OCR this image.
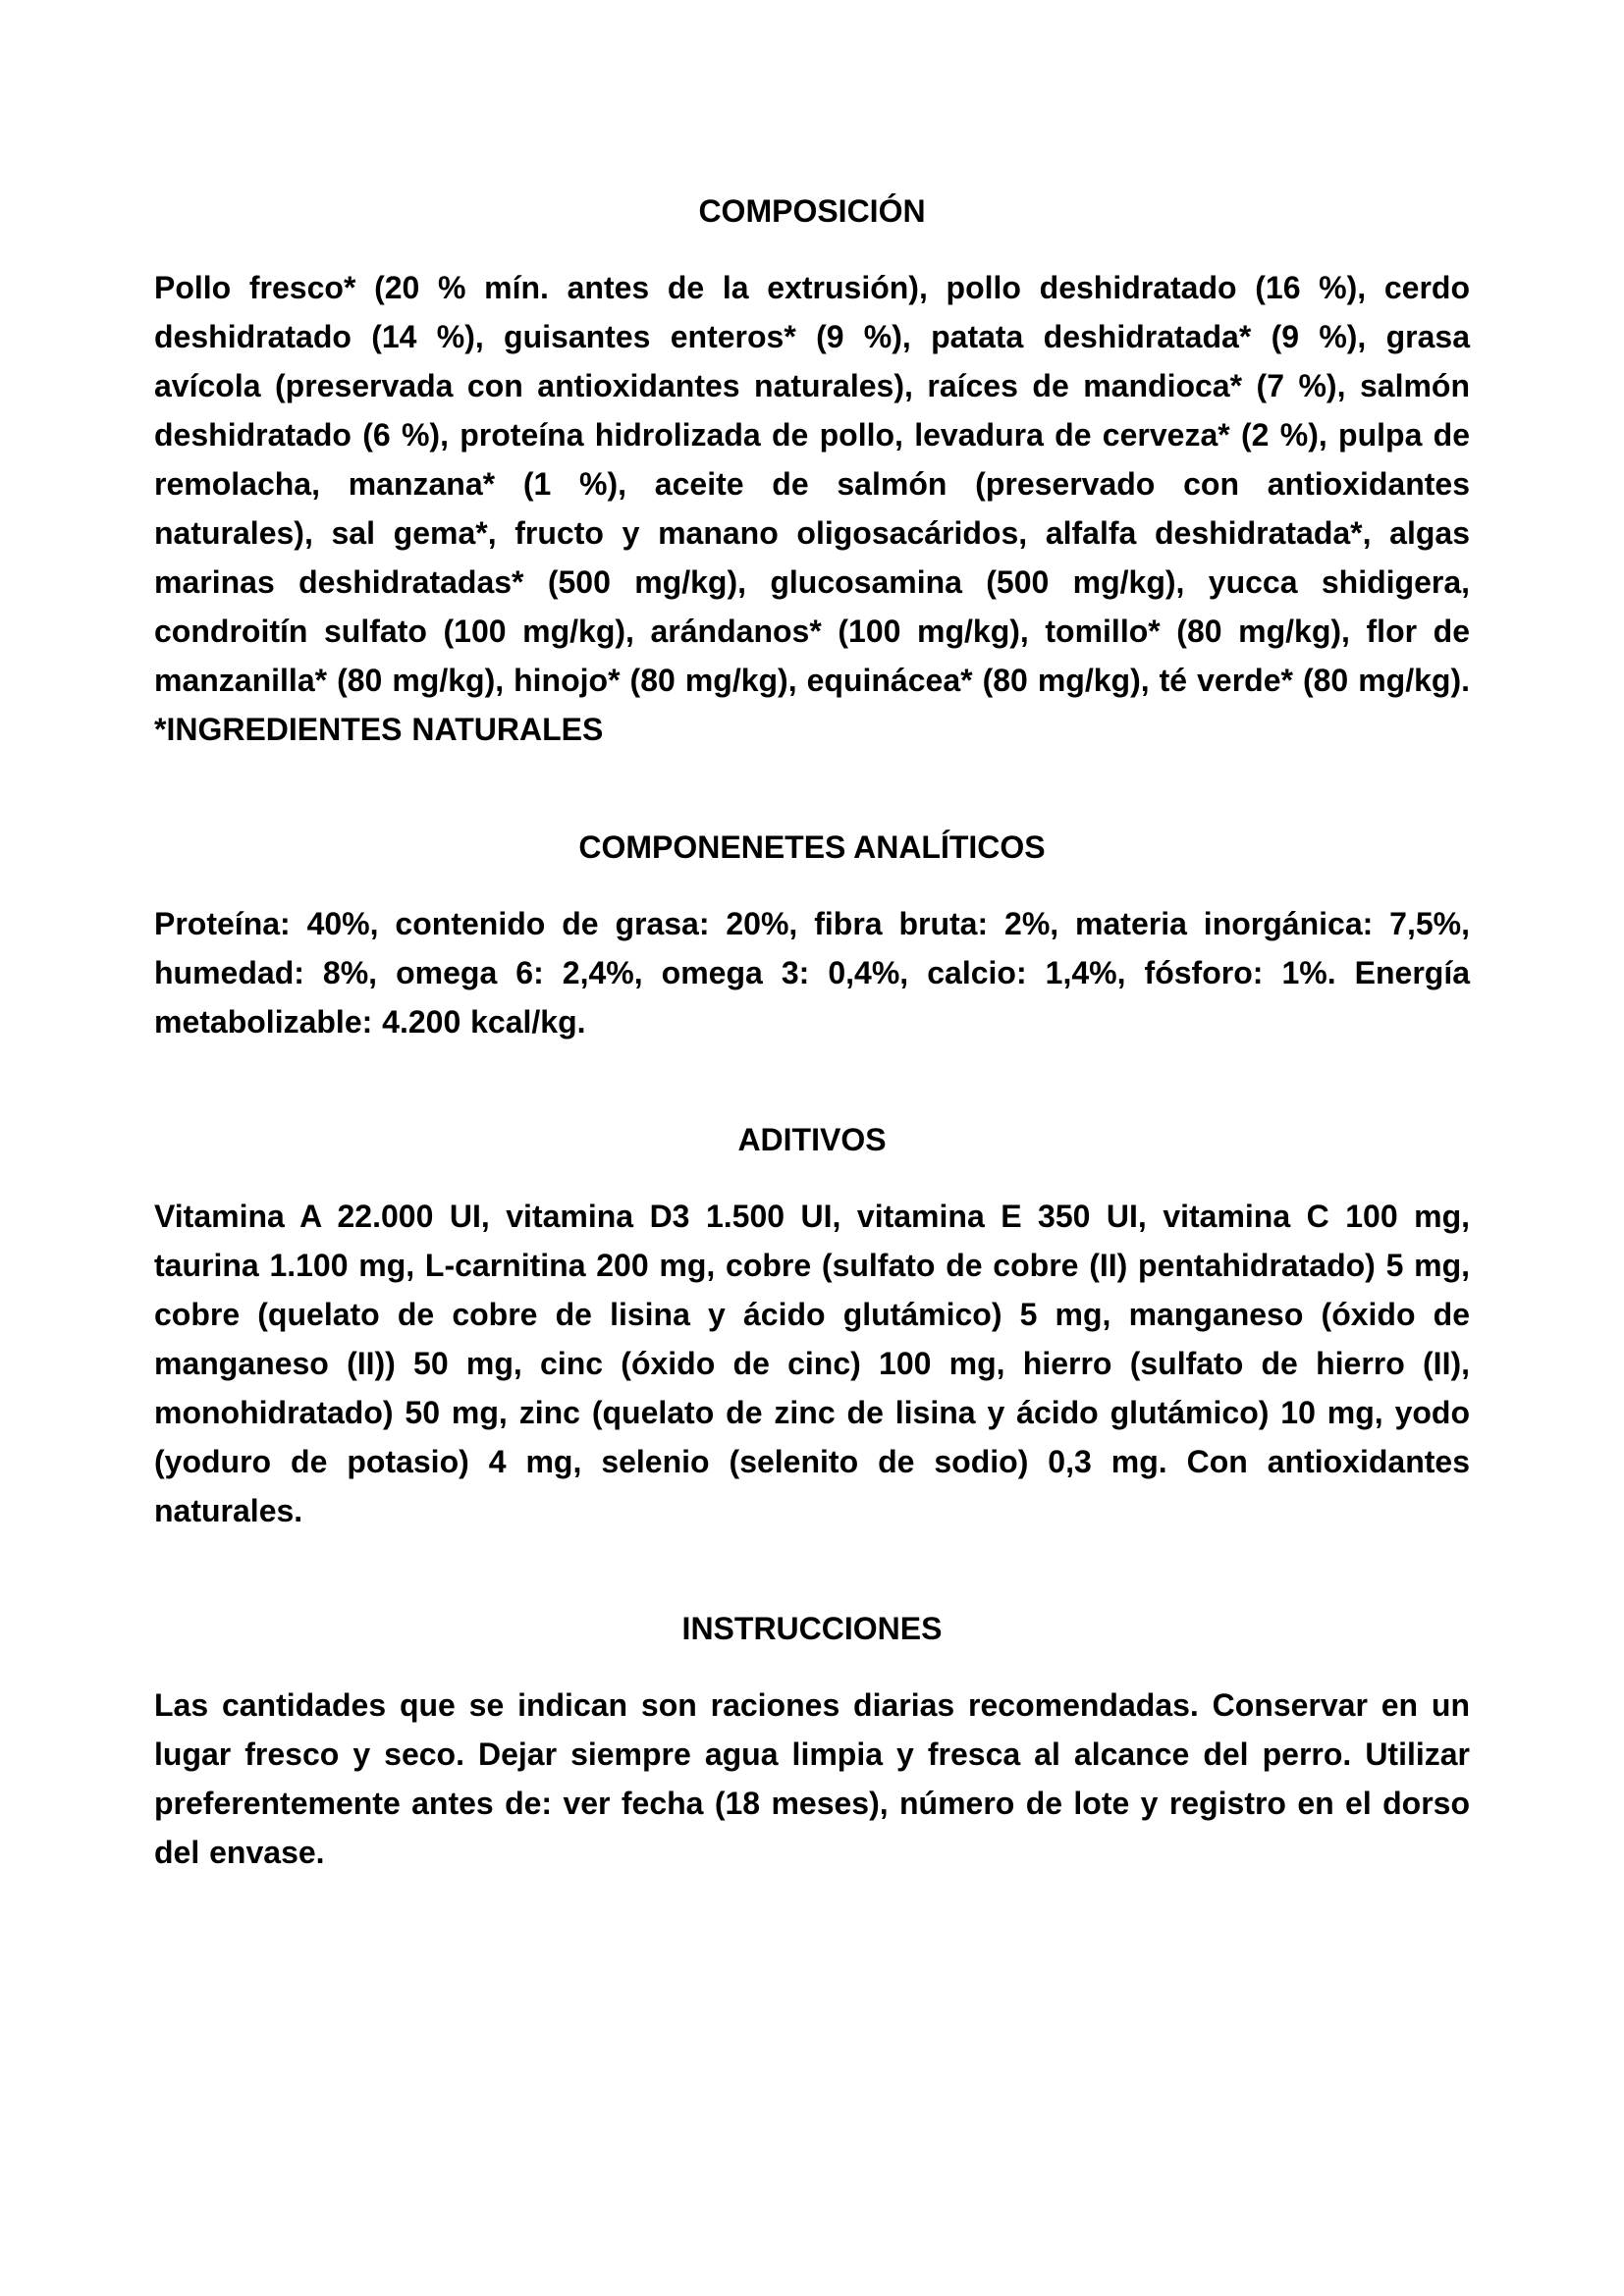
COMPOSICIÓN

Pollo fresco* (20 % mín. antes de la extrusión), pollo deshidratado (16 %), cerdo deshidratado (14 %), guisantes enteros* (9 %), patata deshidratada* (9 %), grasa avícola (preservada con antioxidantes naturales), raíces de mandioca* (7 %), salmón deshidratado (6 %), proteína hidrolizada de pollo, levadura de cerveza* (2 %), pulpa de remolacha, manzana* (1 %), aceite de salmón (preservado con antioxidantes naturales), sal gema*, fructo y manano oligosacáridos, alfalfa deshidratada*, algas marinas deshidratadas* (500 mg/kg), glucosamina (500 mg/kg), yucca shidigera, condroitín sulfato (100 mg/kg), arándanos* (100 mg/kg), tomillo* (80 mg/kg), flor de manzanilla* (80 mg/kg), hinojo* (80 mg/kg), equinácea* (80 mg/kg), té verde* (80 mg/kg). *INGREDIENTES NATURALES

COMPONENETES ANALÍTICOS

Proteína: 40%, contenido de grasa: 20%, fibra bruta: 2%, materia inorgánica: 7,5%, humedad: 8%, omega 6: 2,4%, omega 3: 0,4%, calcio: 1,4%, fósforo: 1%. Energía metabolizable: 4.200 kcal/kg.

ADITIVOS

Vitamina A 22.000 UI, vitamina D3 1.500 UI, vitamina E 350 UI, vitamina C 100 mg, taurina 1.100 mg, L-carnitina 200 mg, cobre (sulfato de cobre (II) pentahidratado) 5 mg, cobre (quelato de cobre de lisina y ácido glutámico) 5 mg, manganeso (óxido de manganeso (II)) 50 mg, cinc (óxido de cinc) 100 mg, hierro (sulfato de hierro (II), monohidratado) 50 mg, zinc (quelato de zinc de lisina y ácido glutámico) 10 mg, yodo (yoduro de potasio) 4 mg, selenio (selenito de sodio) 0,3 mg. Con antioxidantes naturales.

INSTRUCCIONES

Las cantidades que se indican son raciones diarias recomendadas. Conservar en un lugar fresco y seco. Dejar siempre agua limpia y fresca al alcance del perro. Utilizar preferentemente antes de: ver fecha (18 meses), número de lote y registro en el dorso del envase.
